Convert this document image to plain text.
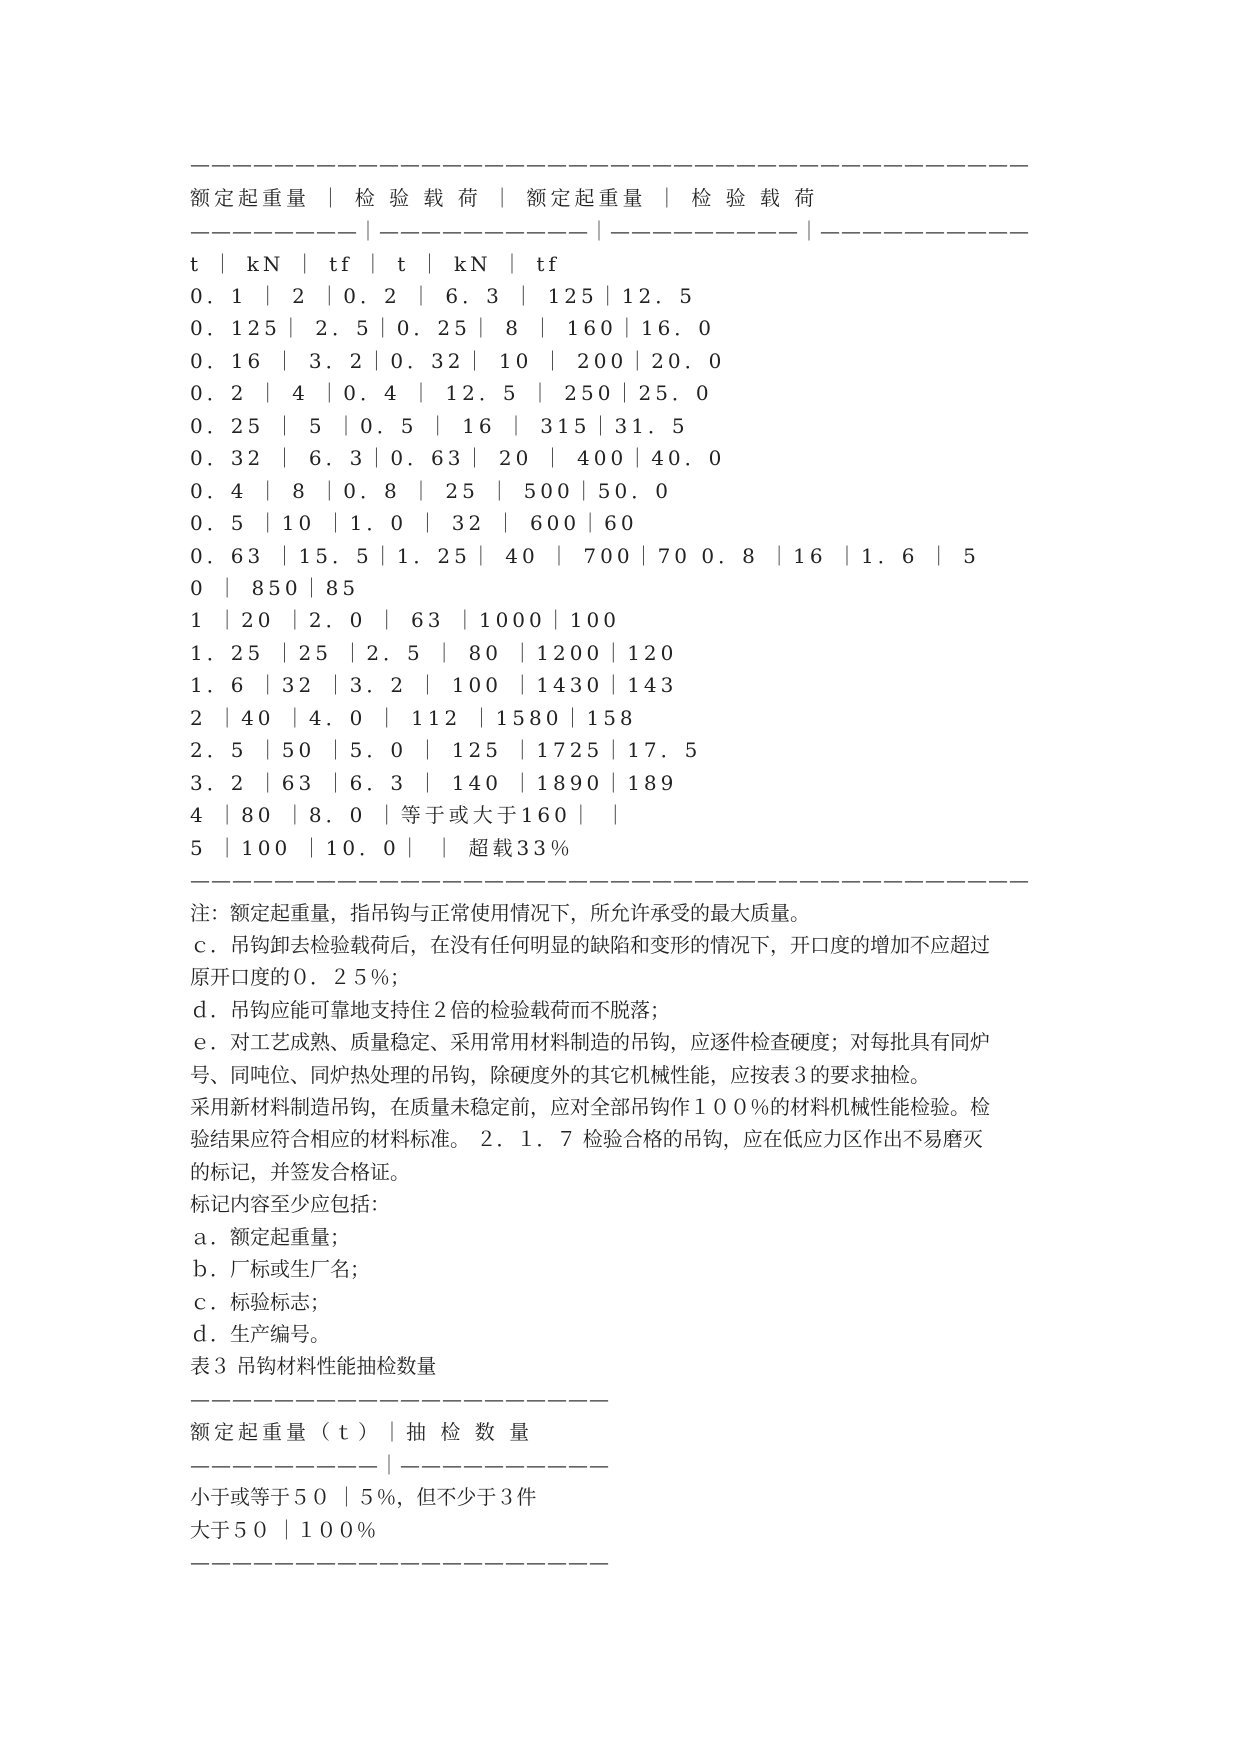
————————————————————————————————————————
额定起重量 ｜ 检 验 载 荷 ｜ 额定起重量 ｜ 检 验 载 荷
————————｜——————————｜—————————｜——————————
t ｜ kN ｜ tf ｜ t ｜ kN ｜ tf
0．1 ｜ 2 ｜0．2 ｜ 6．3 ｜ 125｜12．5
0．125｜ 2．5｜0．25｜ 8 ｜ 160｜16．0
0．16 ｜ 3．2｜0．32｜ 10 ｜ 200｜20．0
0．2 ｜ 4 ｜0．4 ｜ 12．5 ｜ 250｜25．0
0．25 ｜ 5 ｜0．5 ｜ 16 ｜ 315｜31．5
0．32 ｜ 6．3｜0．63｜ 20 ｜ 400｜40．0
0．4 ｜ 8 ｜0．8 ｜ 25 ｜ 500｜50．0
0．5 ｜10 ｜1．0 ｜ 32 ｜ 600｜60
0．63 ｜15．5｜1．25｜ 40 ｜ 700｜70 0．8 ｜16 ｜1．6 ｜ 5
0 ｜ 850｜85
1 ｜20 ｜2．0 ｜ 63 ｜1000｜100
1．25 ｜25 ｜2．5 ｜ 80 ｜1200｜120
1．6 ｜32 ｜3．2 ｜ 100 ｜1430｜143
2 ｜40 ｜4．0 ｜ 112 ｜1580｜158
2．5 ｜50 ｜5．0 ｜ 125 ｜1725｜17．5
3．2 ｜63 ｜6．3 ｜ 140 ｜1890｜189
4 ｜80 ｜8．0 ｜等于或大于160｜ ｜
5 ｜100 ｜10．0｜ ｜ 超载33％
————————————————————————————————————————
注：额定起重量，指吊钩与正常使用情况下，所允许承受的最大质量。
ｃ．吊钩卸去检验载荷后，在没有任何明显的缺陷和变形的情况下，开口度的增加不应超过
原开口度的０．２５％；
ｄ．吊钩应能可靠地支持住２倍的检验载荷而不脱落；
ｅ．对工艺成熟、质量稳定、采用常用材料制造的吊钩，应逐件检查硬度；对每批具有同炉
号、同吨位、同炉热处理的吊钩，除硬度外的其它机械性能，应按表３的要求抽检。
采用新材料制造吊钩，在质量未稳定前，应对全部吊钩作１００％的材料机械性能检验。检
验结果应符合相应的材料标准。 ２．１．７ 检验合格的吊钩，应在低应力区作出不易磨灭
的标记，并签发合格证。
标记内容至少应包括：
ａ．额定起重量；
ｂ．厂标或生厂名；
ｃ．标验标志；
ｄ．生产编号。
表３ 吊钩材料性能抽检数量
————————————————————
额定起重量（ｔ）｜抽 检 数 量
—————————｜——————————
小于或等于５０ ｜５％，但不少于３件
大于５０ ｜１００％
————————————————————
